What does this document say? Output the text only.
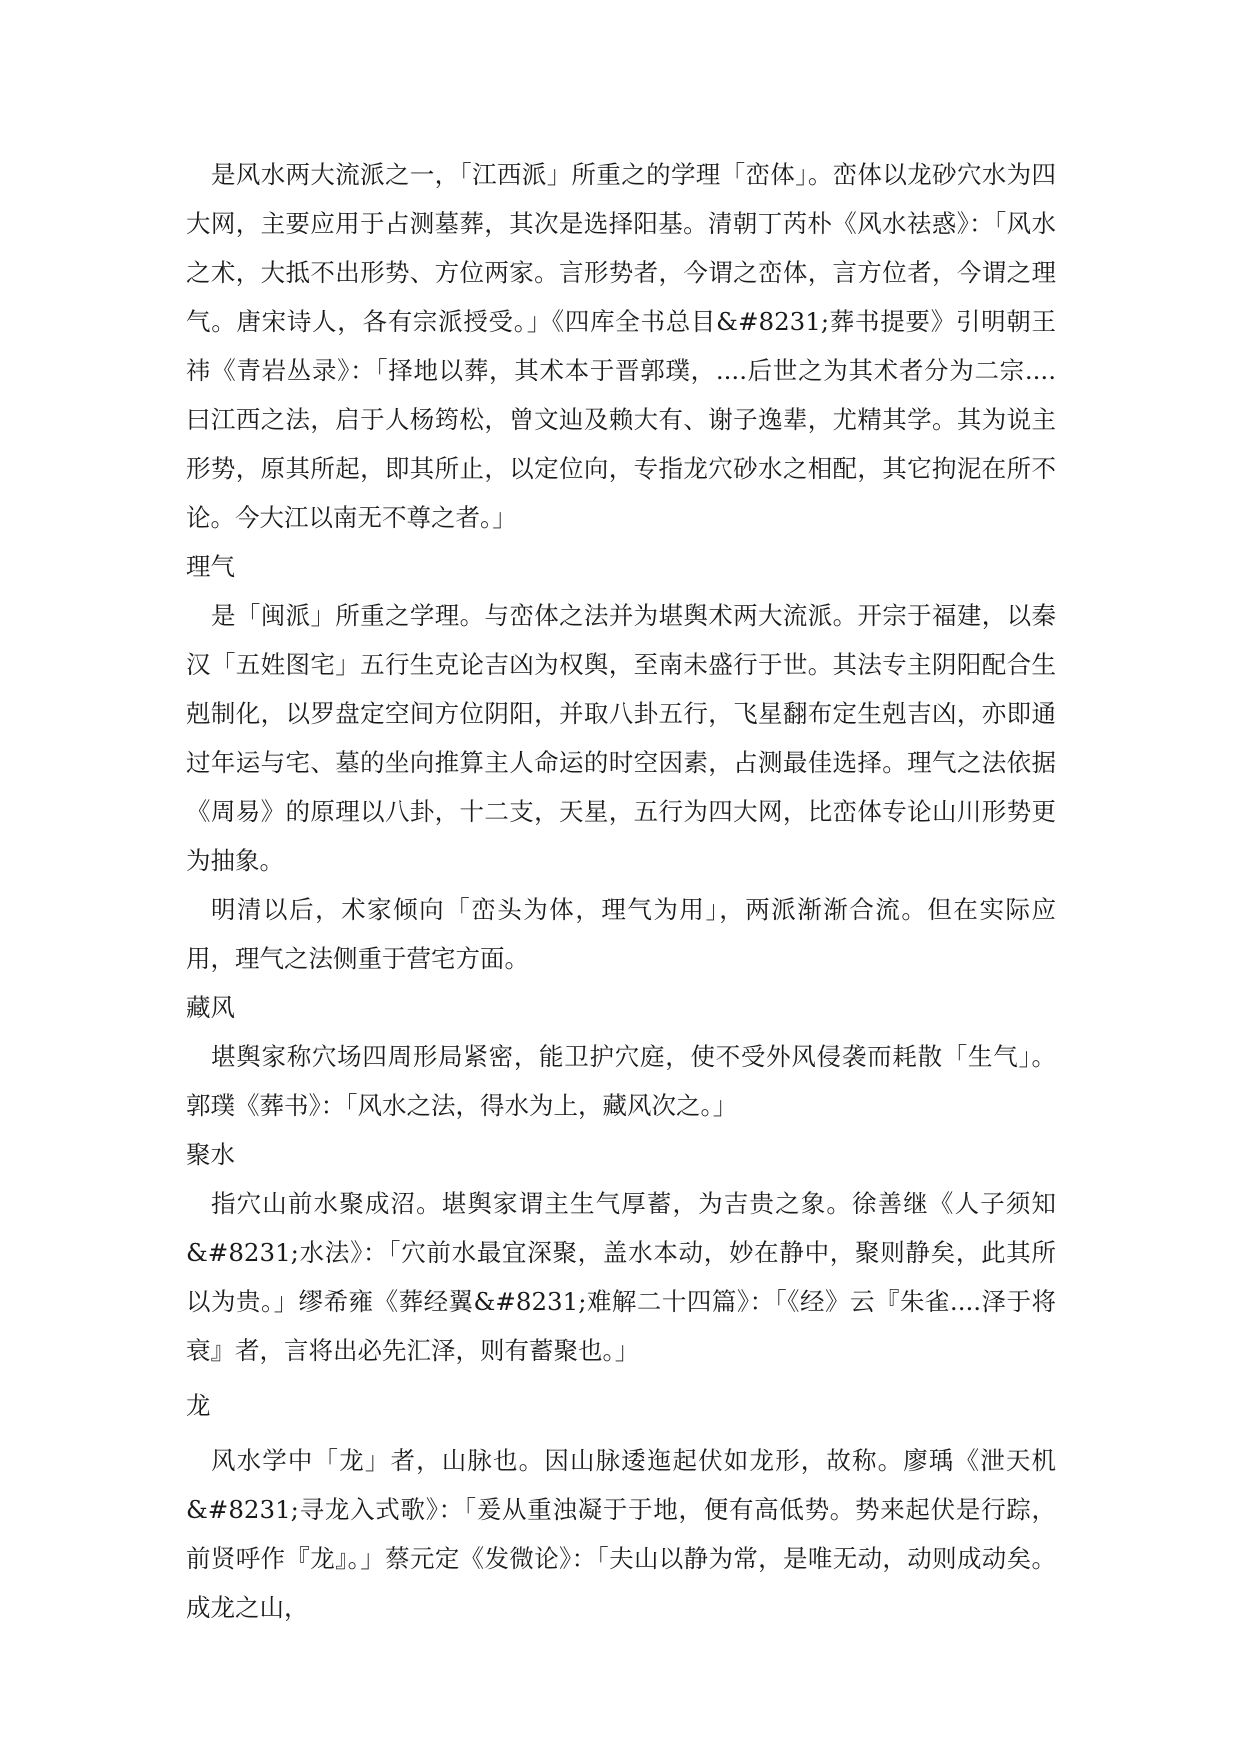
是风水两大流派之一，「江西派」所重之的学理「峦体」。峦体以龙砂穴水为四大网，主要应用于占测墓葬，其次是选择阳基。清朝丁芮朴《风水祛惑》：「风水之术，大抵不出形势、方位两家。言形势者，今谓之峦体，言方位者，今谓之理气。唐宋诗人，各有宗派授受。」《四库全书总目&#8231;葬书提要》引明朝王祎《青岩丛录》：「择地以葬，其术本于晋郭璞，....后世之为其术者分为二宗....曰江西之法，启于人杨筠松，曾文辿及赖大有、谢子逸辈，尤精其学。其为说主形势，原其所起，即其所止，以定位向，专指龙穴砂水之相配，其它拘泥在所不论。今大江以南无不尊之者。」

理气

是「闽派」所重之学理。与峦体之法并为堪舆术两大流派。开宗于福建，以秦汉「五姓图宅」五行生克论吉凶为权舆，至南未盛行于世。其法专主阴阳配合生剋制化，以罗盘定空间方位阴阳，并取八卦五行，飞星翻布定生剋吉凶，亦即通过年运与宅、墓的坐向推算主人命运的时空因素，占测最佳选择。理气之法依据《周易》的原理以八卦，十二支，天星，五行为四大网，比峦体专论山川形势更为抽象。

明清以后，术家倾向「峦头为体，理气为用」，两派渐渐合流。但在实际应用，理气之法侧重于营宅方面。

藏风

堪舆家称穴场四周形局紧密，能卫护穴庭，使不受外风侵袭而耗散「生气」。郭璞《葬书》：「风水之法，得水为上，藏风次之。」

聚水

指穴山前水聚成沼。堪舆家谓主生气厚蓄，为吉贵之象。徐善继《人子须知&#8231;水法》：「穴前水最宜深聚，盖水本动，妙在静中，聚则静矣，此其所以为贵。」缪希雍《葬经翼&#8231;难解二十四篇》：「《经》云『朱雀....泽于将衰』者，言将出必先汇泽，则有蓄聚也。」

龙

风水学中「龙」者，山脉也。因山脉逶迤起伏如龙形，故称。廖瑀《泄天机&#8231;寻龙入式歌》：「爰从重浊凝于于地，便有高低势。势来起伏是行踪，前贤呼作『龙』。」蔡元定《发微论》：「夫山以静为常，是唯无动，动则成动矣。成龙之山，
